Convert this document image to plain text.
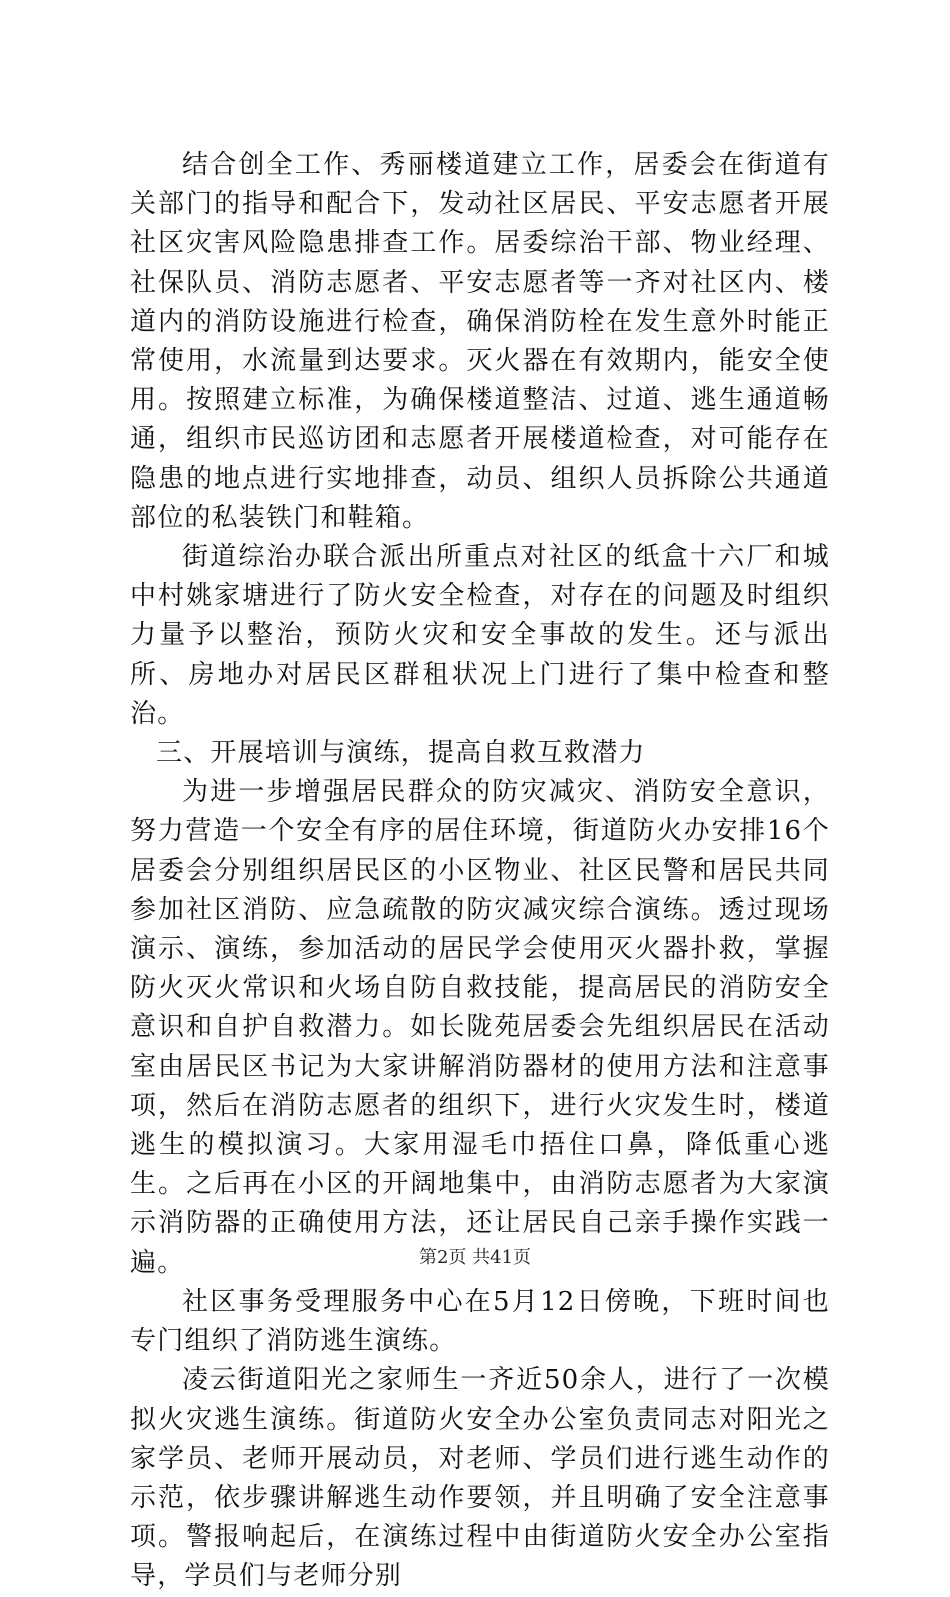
结合创全工作、秀丽楼道建立工作，居委会在街道有关部门的指导和配合下，发动社区居民、平安志愿者开展社区灾害风险隐患排查工作。居委综治干部、物业经理、社保队员、消防志愿者、平安志愿者等一齐对社区内、楼道内的消防设施进行检查，确保消防栓在发生意外时能正常使用，水流量到达要求。灭火器在有效期内，能安全使用。按照建立标准，为确保楼道整洁、过道、逃生通道畅通，组织市民巡访团和志愿者开展楼道检查，对可能存在隐患的地点进行实地排查，动员、组织人员拆除公共通道部位的私装铁门和鞋箱。

街道综治办联合派出所重点对社区的纸盒十六厂和城中村姚家塘进行了防火安全检查，对存在的问题及时组织力量予以整治，预防火灾和安全事故的发生。还与派出所、房地办对居民区群租状况上门进行了集中检查和整治。

三、开展培训与演练，提高自救互救潜力

为进一步增强居民群众的防灾减灾、消防安全意识，努力营造一个安全有序的居住环境，街道防火办安排16个居委会分别组织居民区的小区物业、社区民警和居民共同参加社区消防、应急疏散的防灾减灾综合演练。透过现场演示、演练，参加活动的居民学会使用灭火器扑救，掌握防火灭火常识和火场自防自救技能，提高居民的消防安全意识和自护自救潜力。如长陇苑居委会先组织居民在活动室由居民区书记为大家讲解消防器材的使用方法和注意事项，然后在消防志愿者的组织下，进行火灾发生时，楼道逃生的模拟演习。大家用湿毛巾捂住口鼻，降低重心逃生。之后再在小区的开阔地集中，由消防志愿者为大家演示消防器的正确使用方法，还让居民自己亲手操作实践一遍。

社区事务受理服务中心在5月12日傍晚，下班时间也专门组织了消防逃生演练。

凌云街道阳光之家师生一齐近50余人，进行了一次模拟火灾逃生演练。街道防火安全办公室负责同志对阳光之家学员、老师开展动员，对老师、学员们进行逃生动作的示范，依步骤讲解逃生动作要领，并且明确了安全注意事项。警报响起后，在演练过程中由街道防火安全办公室指导，学员们与老师分别

第2页 共41页
